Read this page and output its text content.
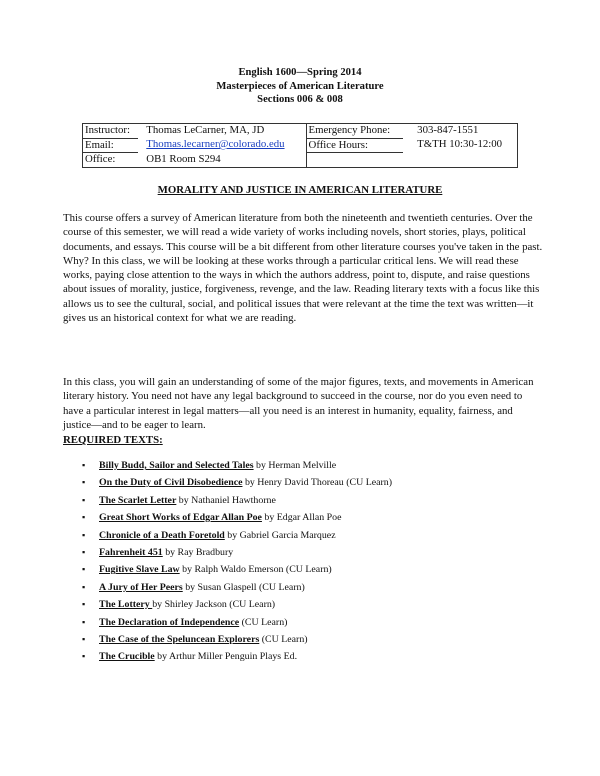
English 1600—Spring 2014
Masterpieces of American Literature
Sections 006 & 008
Instructor:	Thomas LeCarner, MA, JD	Emergency Phone:	303-847-1551
Email:	Thomas.lecarner@colorado.edu	Office Hours:	T&TH 10:30-12:00
Office:	OB1 Room S294		
MORALITY AND JUSTICE IN AMERICAN LITERATURE

This course offers a survey of American literature from both the nineteenth and twentieth centuries. Over the course of this semester, we will read a wide variety of works including novels, short stories, plays, political documents, and essays. This course will be a bit different from other literature courses you've taken in the past. Why? In this class, we will be looking at these works through a particular critical lens. We will read these works, paying close attention to the ways in which the authors address, point to, dispute, and raise questions about issues of morality, justice, forgiveness, revenge, and the law. Reading literary texts with a focus like this allows us to see the cultural, social, and political issues that were relevant at the time the text was written—it gives us an historical context for what we are reading.

In this class, you will gain an understanding of some of the major figures, texts, and movements in American literary history. You need not have any legal background to succeed in the course, nor do you even need to have a particular interest in legal matters—all you need is an interest in humanity, equality, fairness, and justice—and to be eager to learn.

REQUIRED TEXTS:
▪ Billy Budd, Sailor and Selected Tales by Herman Melville
▪ On the Duty of Civil Disobedience by Henry David Thoreau (CU Learn)
▪ The Scarlet Letter by Nathaniel Hawthorne
▪ Great Short Works of Edgar Allan Poe by Edgar Allan Poe
▪ Chronicle of a Death Foretold by Gabriel Garcia Marquez
▪ Fahrenheit 451 by Ray Bradbury
▪ Fugitive Slave Law by Ralph Waldo Emerson (CU Learn)
▪ A Jury of Her Peers by Susan Glaspell (CU Learn)
▪ The Lottery by Shirley Jackson (CU Learn)
▪ The Declaration of Independence (CU Learn)
▪ The Case of the Speluncean Explorers (CU Learn)
▪ The Crucible by Arthur Miller Penguin Plays Ed.
